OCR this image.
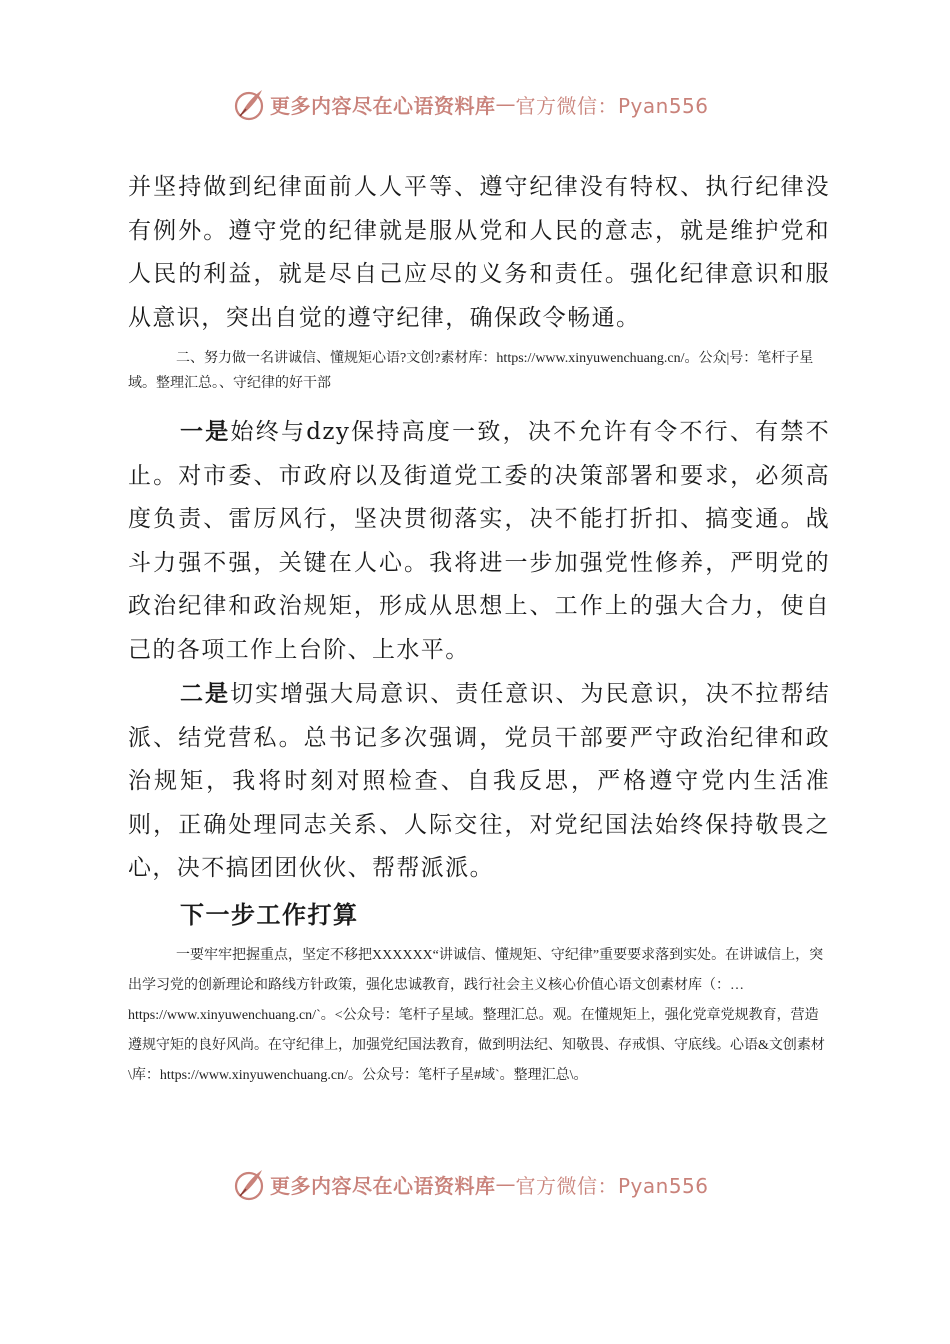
更多内容尽在心语资料库 — 官方微信：Pyan556

并坚持做到纪律面前人人平等、遵守纪律没有特权、执行纪律没有例外。遵守党的纪律就是服从党和人民的意志，就是维护党和人民的利益，就是尽自己应尽的义务和责任。强化纪律意识和服从意识，突出自觉的遵守纪律，确保政令畅通。

二、努力做一名讲诚信、懂规矩心语?文创?素材库：https://www.xinyuwenchuang.cn/。公众|号：笔杆子星域。整理汇总。、守纪律的好干部

一是始终与dzy保持高度一致，决不允许有令不行、有禁不止。对市委、市政府以及街道党工委的决策部署和要求，必须高度负责、雷厉风行，坚决贯彻落实，决不能打折扣、搞变通。战斗力强不强，关键在人心。我将进一步加强党性修养，严明党的政治纪律和政治规矩，形成从思想上、工作上的强大合力，使自己的各项工作上台阶、上水平。

二是切实增强大局意识、责任意识、为民意识，决不拉帮结派、结党营私。总书记多次强调，党员干部要严守政治纪律和政治规矩，我将时刻对照检查、自我反思，严格遵守党内生活准则，正确处理同志关系、人际交往，对党纪国法始终保持敬畏之心，决不搞团团伙伙、帮帮派派。

下一步工作打算

一要牢牢把握重点，坚定不移把XXXXXX“讲诚信、懂规矩、守纪律”重要要求落到实处。在讲诚信上，突出学习党的创新理论和路线方针政策，强化忠诚教育，践行社会主义核心价值心语文创素材库（：…https://www.xinyuwenchuang.cn/`。<公众号：笔杆子星域。整理汇总。观。在懂规矩上，强化党章党规教育，营造遵规守矩的良好风尚。在守纪律上，加强党纪国法教育，做到明法纪、知敬畏、存戒惧、守底线。心语&文创素材\库：https://www.xinyuwenchuang.cn/。公众号：笔杆子星#域`。整理汇总\。

更多内容尽在心语资料库 — 官方微信：Pyan556
